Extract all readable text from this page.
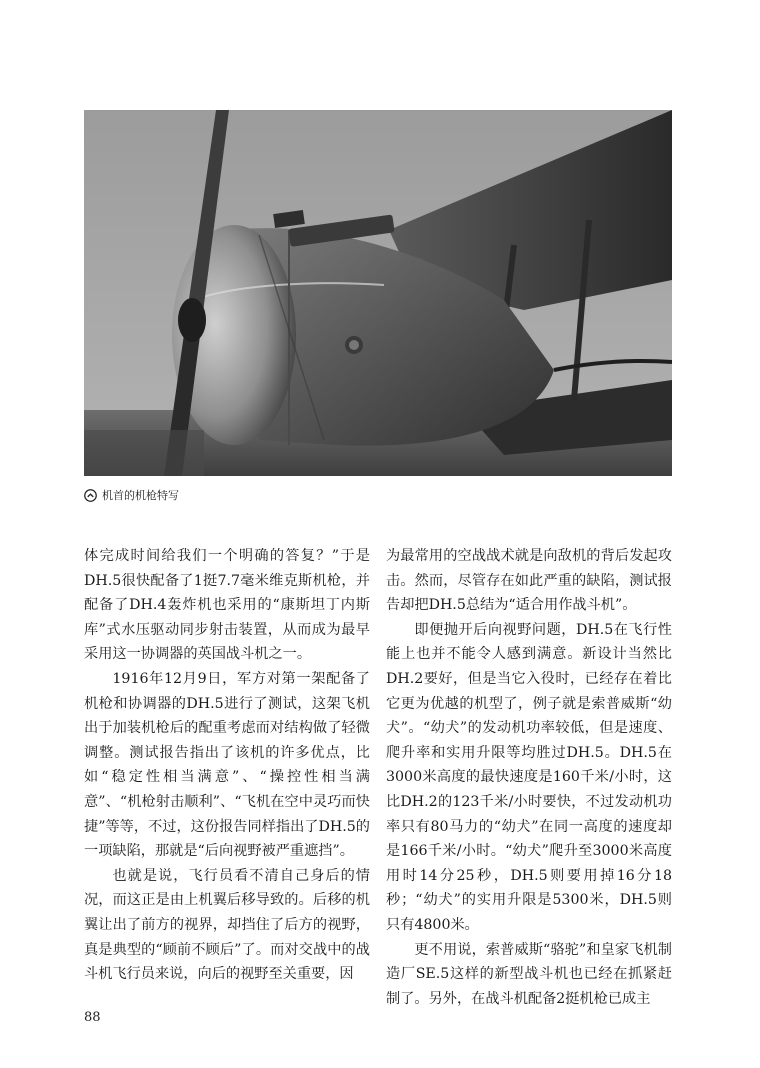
机首的机枪特写

体完成时间给我们一个明确的答复？”于是DH.5很快配备了1挺7.7毫米维克斯机枪，并配备了DH.4轰炸机也采用的“康斯坦丁内斯库”式水压驱动同步射击装置，从而成为最早采用这一协调器的英国战斗机之一。

1916年12月9日，军方对第一架配备了机枪和协调器的DH.5进行了测试，这架飞机出于加装机枪后的配重考虑而对结构做了轻微调整。测试报告指出了该机的许多优点，比如“稳定性相当满意”、“操控性相当满意”、“机枪射击顺利”、“飞机在空中灵巧而快捷”等等，不过，这份报告同样指出了DH.5的一项缺陷，那就是“后向视野被严重遮挡”。

也就是说，飞行员看不清自己身后的情况，而这正是由上机翼后移导致的。后移的机翼让出了前方的视界，却挡住了后方的视野，真是典型的“顾前不顾后”了。而对交战中的战斗机飞行员来说，向后的视野至关重要，因

为最常用的空战战术就是向敌机的背后发起攻击。然而，尽管存在如此严重的缺陷，测试报告却把DH.5总结为“适合用作战斗机”。

即便抛开后向视野问题，DH.5在飞行性能上也并不能令人感到满意。新设计当然比DH.2要好，但是当它入役时，已经存在着比它更为优越的机型了，例子就是索普威斯“幼犬”。“幼犬”的发动机功率较低，但是速度、爬升率和实用升限等均胜过DH.5。DH.5在3000米高度的最快速度是160千米/小时，这比DH.2的123千米/小时要快，不过发动机功率只有80马力的“幼犬”在同一高度的速度却是166千米/小时。“幼犬”爬升至3000米高度用时14分25秒，DH.5则要用掉16分18秒；“幼犬”的实用升限是5300米，DH.5则只有4800米。

更不用说，索普威斯“骆驼”和皇家飞机制造厂SE.5这样的新型战斗机也已经在抓紧赶制了。另外，在战斗机配备2挺机枪已成主

88
